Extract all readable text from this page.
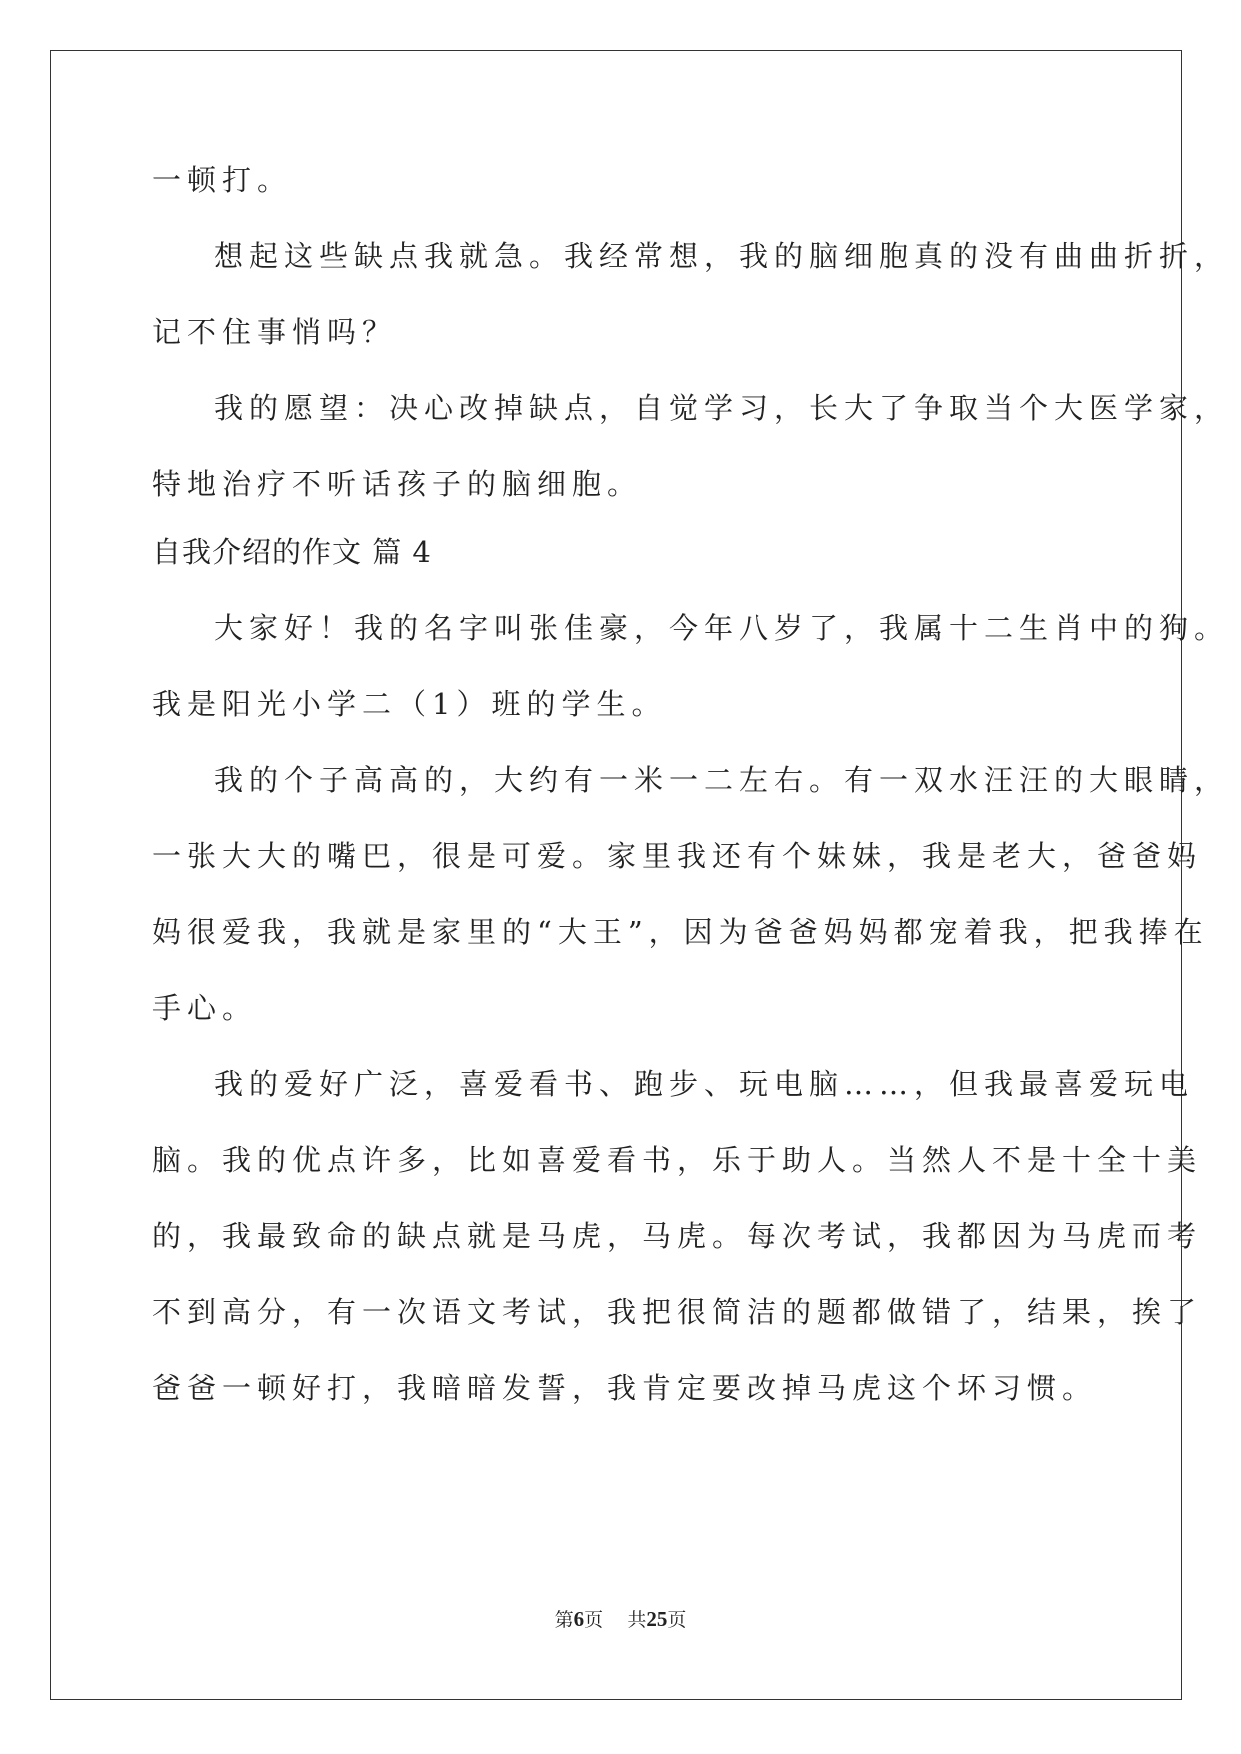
一顿打。
想起这些缺点我就急。我经常想，我的脑细胞真的没有曲曲折折，
记不住事悄吗？
我的愿望：决心改掉缺点，自觉学习，长大了争取当个大医学家，
特地治疗不听话孩子的脑细胞。
自我介绍的作文 篇 4
大家好！我的名字叫张佳豪，今年八岁了，我属十二生肖中的狗。
我是阳光小学二（1）班的学生。
我的个子高高的，大约有一米一二左右。有一双水汪汪的大眼睛，
一张大大的嘴巴，很是可爱。家里我还有个妹妹，我是老大，爸爸妈
妈很爱我，我就是家里的“大王”，因为爸爸妈妈都宠着我，把我捧在
手心。
我的爱好广泛，喜爱看书、跑步、玩电脑……，但我最喜爱玩电
脑。我的优点许多，比如喜爱看书，乐于助人。当然人不是十全十美
的，我最致命的缺点就是马虎，马虎。每次考试，我都因为马虎而考
不到高分，有一次语文考试，我把很简洁的题都做错了，结果，挨了
爸爸一顿好打，我暗暗发誓，我肯定要改掉马虎这个坏习惯。
第6页 共25页
